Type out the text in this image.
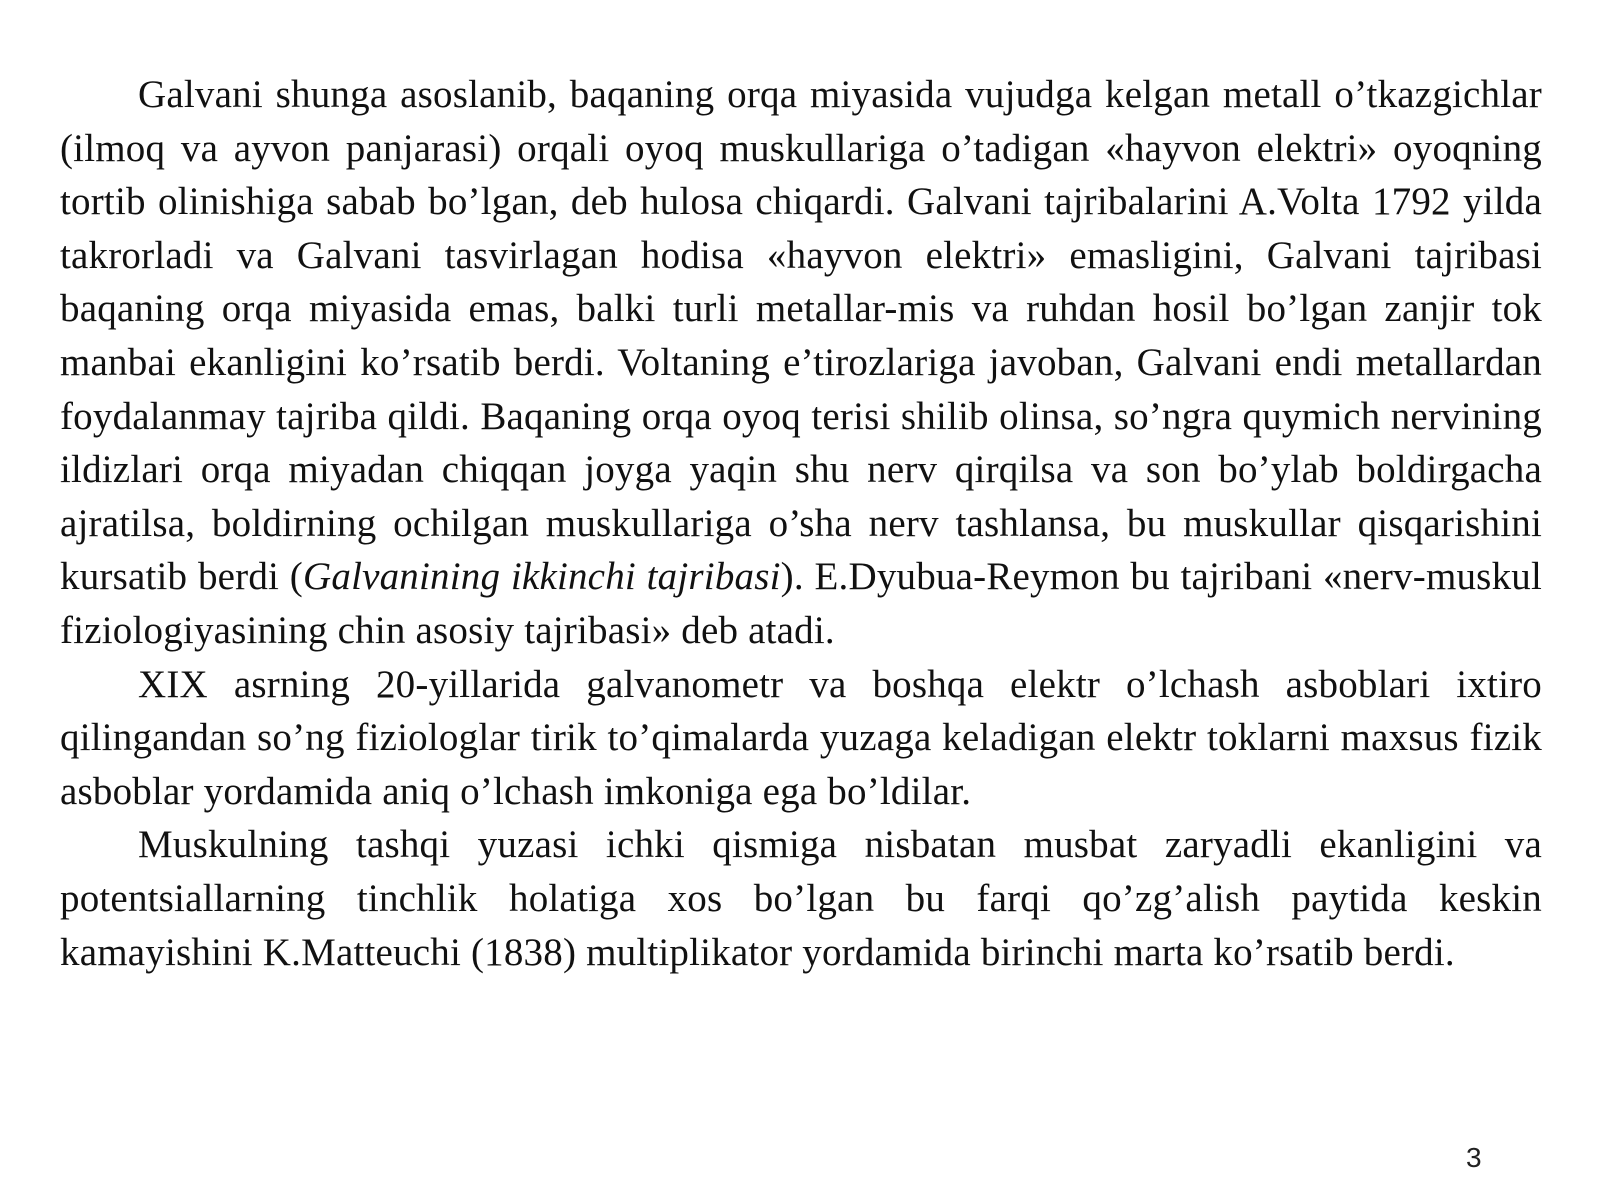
Galvani shunga asoslanib, baqaning orqa miyasida vujudga kelgan metall o’tkazgichlar (ilmoq va ayvon panjarasi) orqali oyoq muskullariga o’tadigan «hayvon elektri» oyoqning tortib olinishiga sabab bo’lgan, deb hulosa chiqardi. Galvani tajribalarini A.Volta 1792 yilda takrorladi va Galvani tasvirlagan hodisa «hayvon elektri» emasligini, Galvani tajribasi baqaning orqa miyasida emas, balki turli metallar-mis va ruhdan hosil bo’lgan zanjir tok manbai ekanligini ko’rsatib berdi. Voltaning e’tirozlariga javoban, Galvani endi metallardan foydalanmay tajriba qildi. Baqaning orqa oyoq terisi shilib olinsa, so’ngra quymich nervining ildizlari orqa miyadan chiqqan joyga yaqin shu nerv qirqilsa va son bo’ylab boldirgacha ajratilsa, boldirning ochilgan muskullariga o’sha nerv tashlansa, bu muskullar qisqarishini kursatib berdi (Galvanining ikkinchi tajribasi). E.Dyubua-Reymon bu tajribani «nerv-muskul fiziologiyasining chin asosiy tajribasi» deb atadi.

XIX asrning 20-yillarida galvanometr va boshqa elektr o’lchash asboblari ixtiro qilingandan so’ng fiziologlar tirik to’qimalarda yuzaga keladigan elektr toklarni maxsus fizik asboblar yordamida aniq o’lchash imkoniga ega bo’ldilar.

Muskulning tashqi yuzasi ichki qismiga nisbatan musbat zaryadli ekanligini va potentsiallarning tinchlik holatiga xos bo’lgan bu farqi qo’zg’alish paytida keskin kamayishini K.Matteuchi (1838) multiplikator yordamida birinchi marta ko’rsatib berdi.

3
